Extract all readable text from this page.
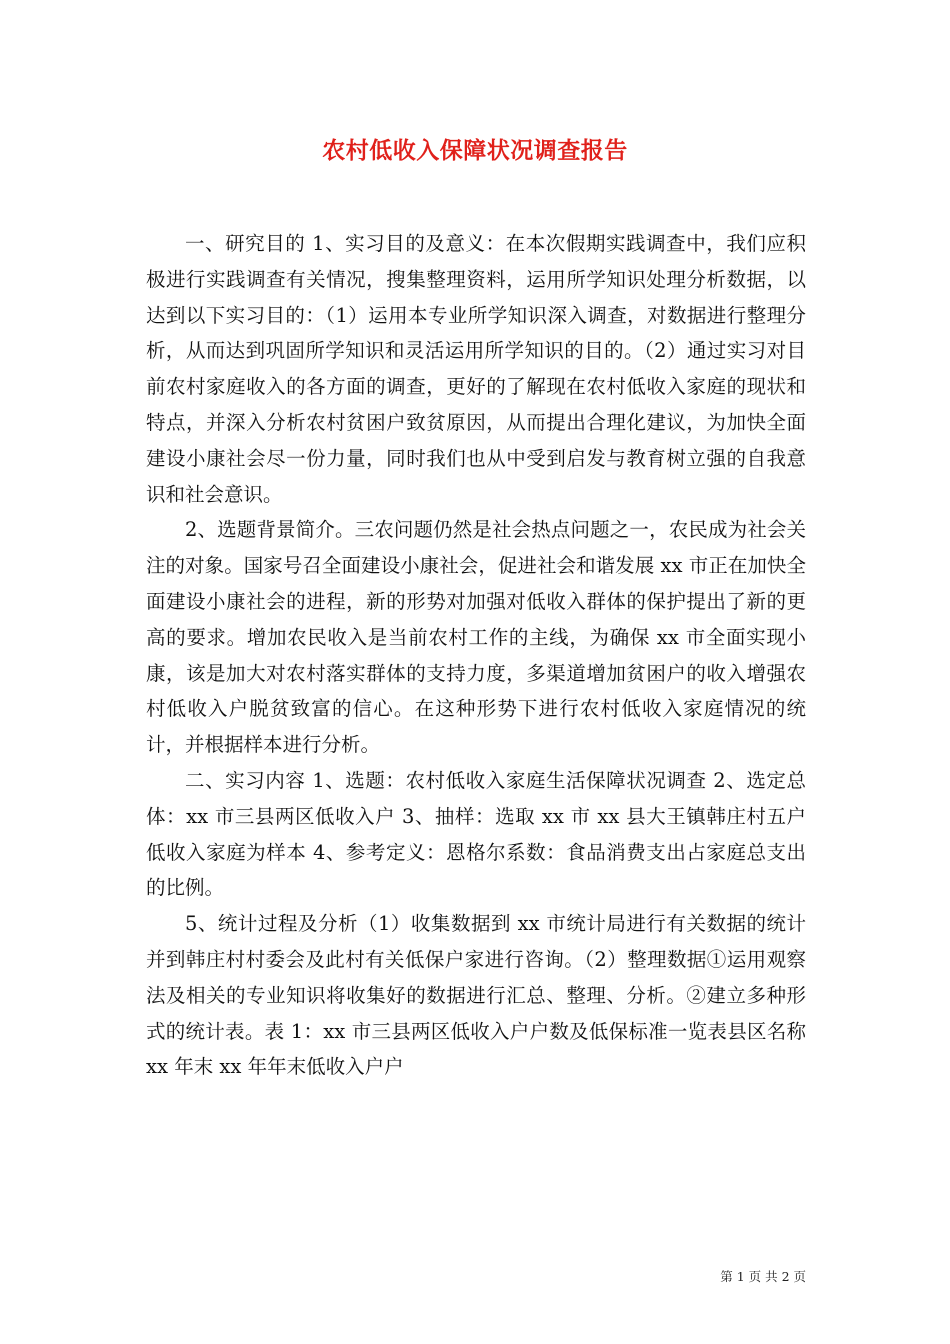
农村低收入保障状况调查报告

一、研究目的 1、实习目的及意义：在本次假期实践调查中，我们应积极进行实践调查有关情况，搜集整理资料，运用所学知识处理分析数据，以达到以下实习目的：（1）运用本专业所学知识深入调查，对数据进行整理分析，从而达到巩固所学知识和灵活运用所学知识的目的。（2）通过实习对目前农村家庭收入的各方面的调查，更好的了解现在农村低收入家庭的现状和特点，并深入分析农村贫困户致贫原因，从而提出合理化建议，为加快全面建设小康社会尽一份力量，同时我们也从中受到启发与教育树立强的自我意识和社会意识。

2、选题背景简介。三农问题仍然是社会热点问题之一，农民成为社会关注的对象。国家号召全面建设小康社会，促进社会和谐发展 xx 市正在加快全面建设小康社会的进程，新的形势对加强对低收入群体的保护提出了新的更高的要求。增加农民收入是当前农村工作的主线，为确保 xx 市全面实现小康，该是加大对农村落实群体的支持力度，多渠道增加贫困户的收入增强农村低收入户脱贫致富的信心。在这种形势下进行农村低收入家庭情况的统计，并根据样本进行分析。

二、实习内容 1、选题：农村低收入家庭生活保障状况调查 2、选定总体：xx 市三县两区低收入户 3、抽样：选取 xx 市 xx 县大王镇韩庄村五户低收入家庭为样本 4、参考定义：恩格尔系数：食品消费支出占家庭总支出的比例。

5、统计过程及分析（1）收集数据到 xx 市统计局进行有关数据的统计并到韩庄村村委会及此村有关低保户家进行咨询。（2）整理数据①运用观察法及相关的专业知识将收集好的数据进行汇总、整理、分析。②建立多种形式的统计表。表 1：xx 市三县两区低收入户户数及低保标准一览表县区名称 xx 年末 xx 年年末低收入户户

第 1 页 共 2 页
